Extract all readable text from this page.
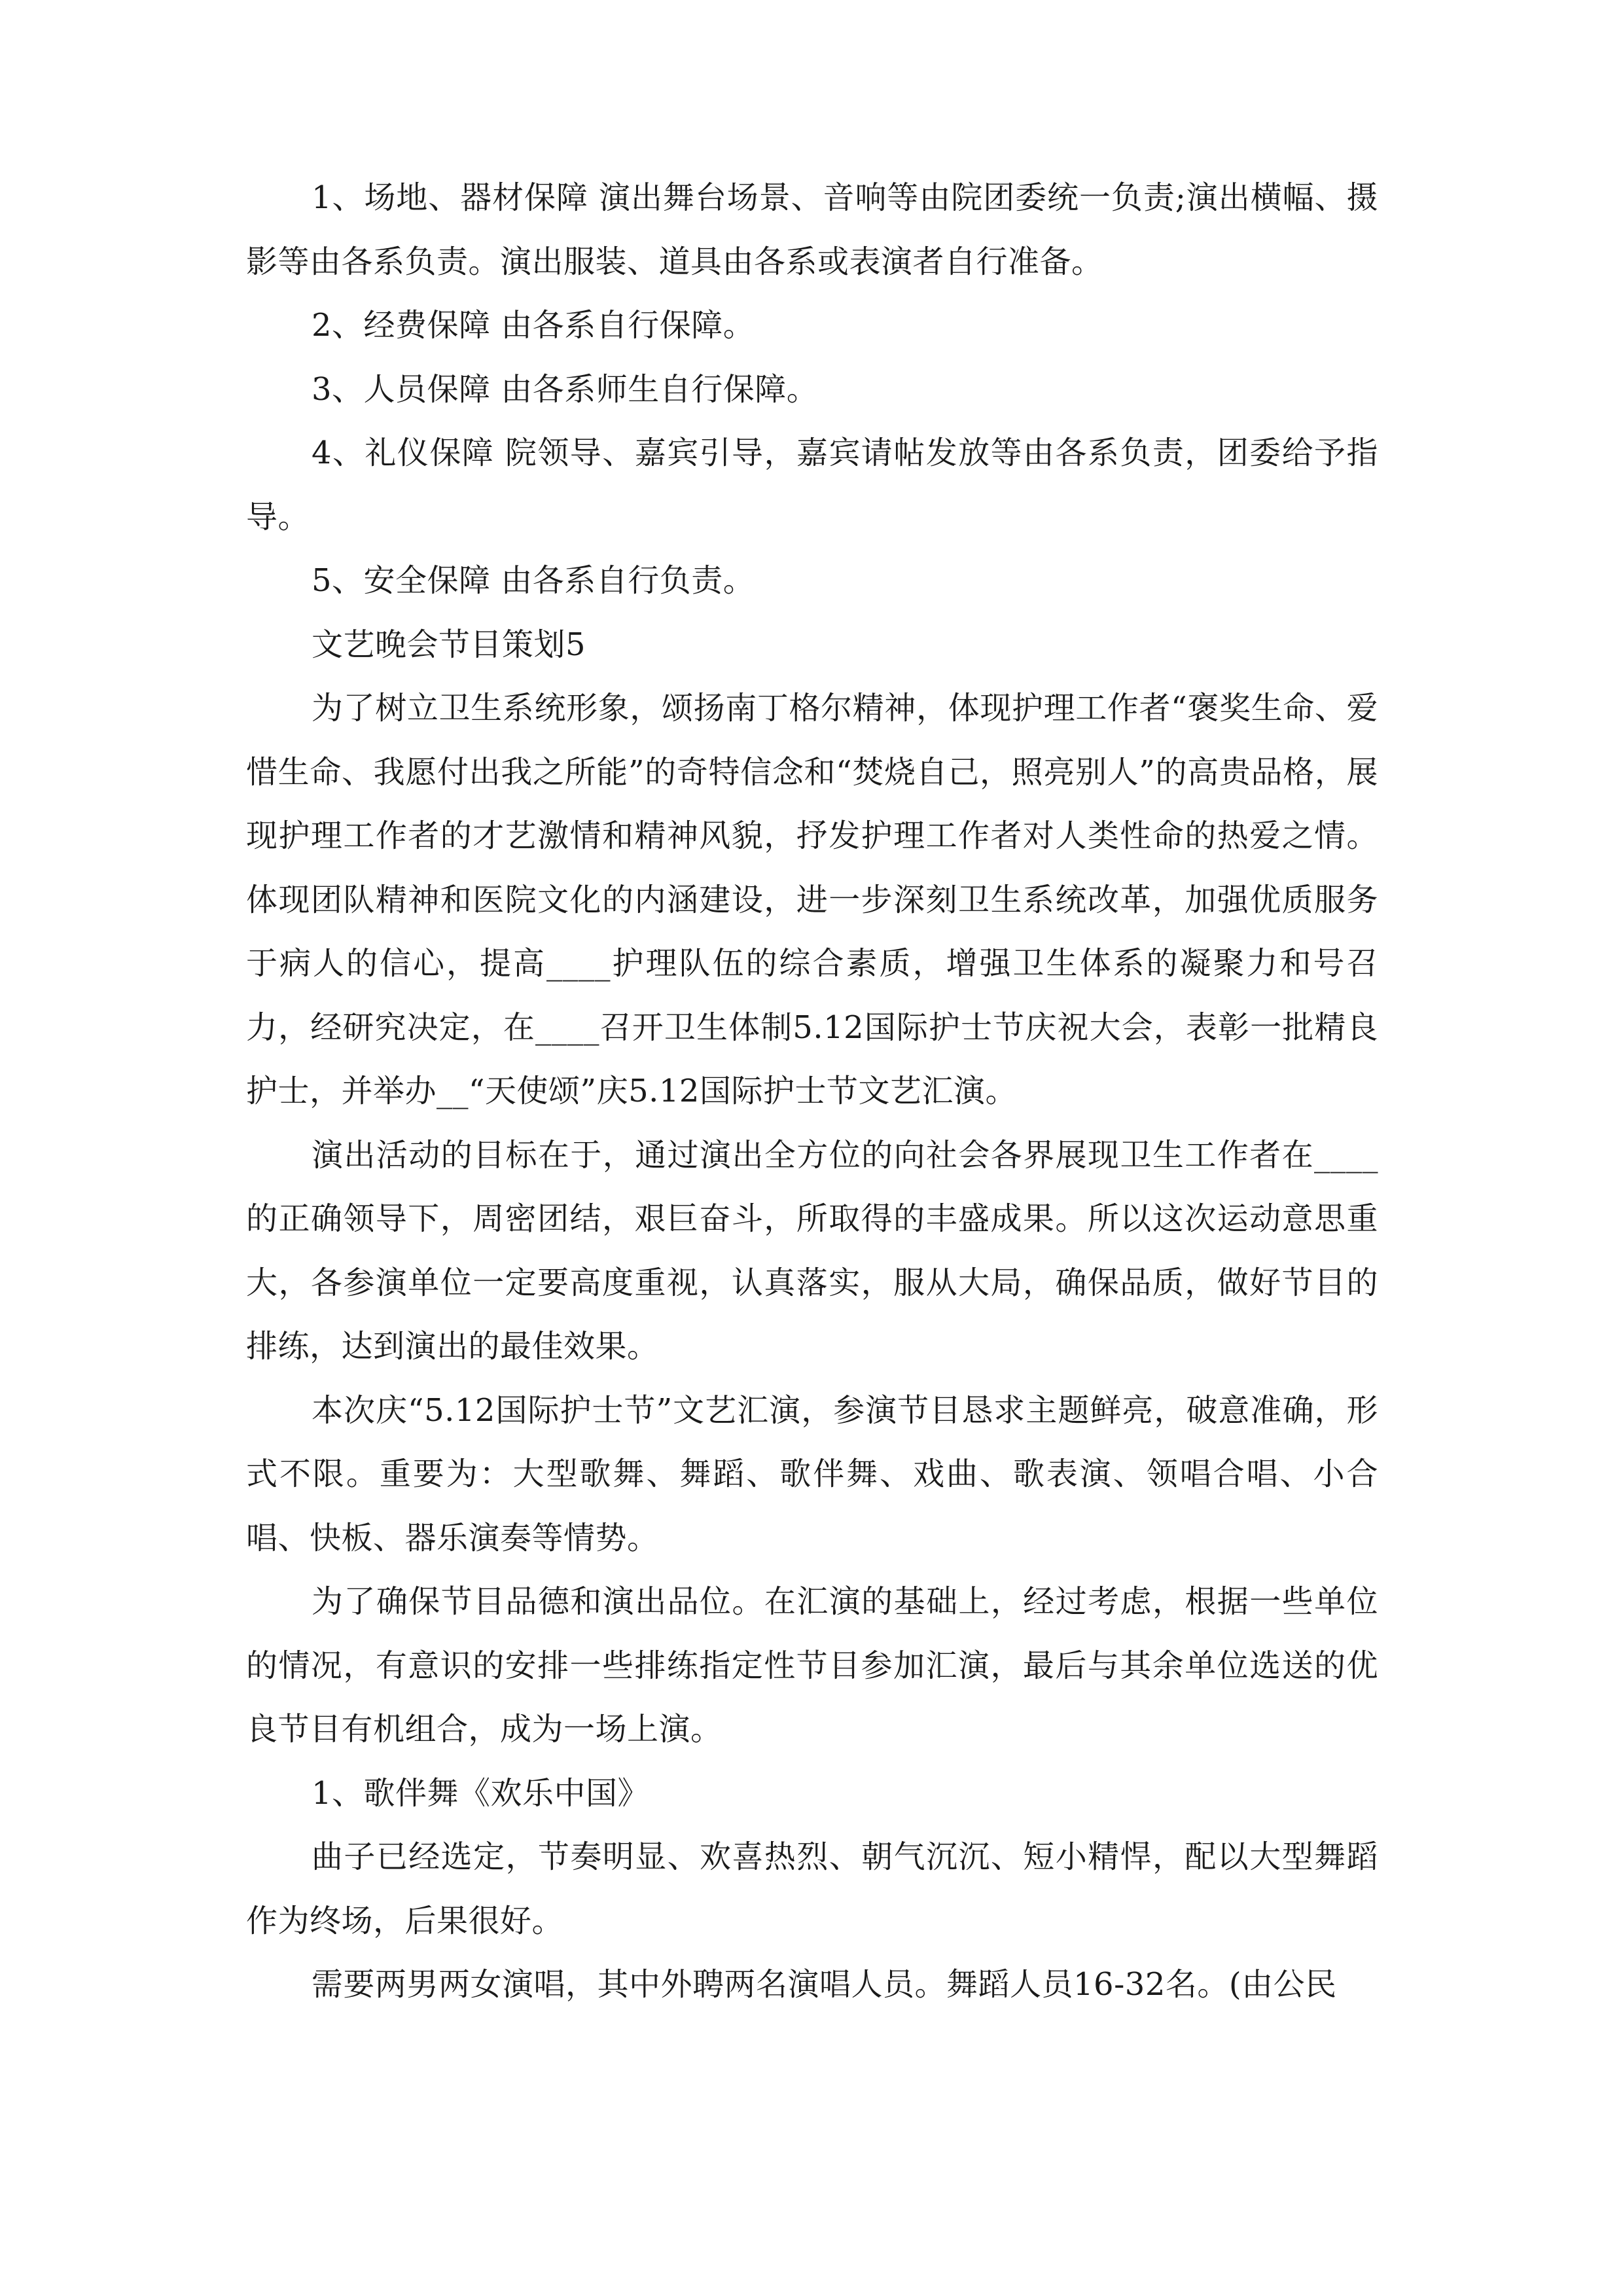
1、场地、器材保障 演出舞台场景、音响等由院团委统一负责;演出横幅、摄影等由各系负责。演出服装、道具由各系或表演者自行准备。

2、经费保障 由各系自行保障。

3、人员保障 由各系师生自行保障。

4、礼仪保障 院领导、嘉宾引导，嘉宾请帖发放等由各系负责，团委给予指导。

5、安全保障 由各系自行负责。

文艺晚会节目策划5

为了树立卫生系统形象，颂扬南丁格尔精神，体现护理工作者“褒奖生命、爱惜生命、我愿付出我之所能”的奇特信念和“焚烧自己，照亮别人”的高贵品格，展现护理工作者的才艺激情和精神风貌，抒发护理工作者对人类性命的热爱之情。体现团队精神和医院文化的内涵建设，进一步深刻卫生系统改革，加强优质服务于病人的信心，提高____护理队伍的综合素质，增强卫生体系的凝聚力和号召力，经研究决定，在____召开卫生体制5.12国际护士节庆祝大会，表彰一批精良护士，并举办__“天使颂”庆5.12国际护士节文艺汇演。

演出活动的目标在于，通过演出全方位的向社会各界展现卫生工作者在____的正确领导下，周密团结，艰巨奋斗，所取得的丰盛成果。所以这次运动意思重大，各参演单位一定要高度重视，认真落实，服从大局，确保品质，做好节目的排练，达到演出的最佳效果。

本次庆“5.12国际护士节”文艺汇演，参演节目恳求主题鲜亮，破意准确，形式不限。重要为：大型歌舞、舞蹈、歌伴舞、戏曲、歌表演、领唱合唱、小合唱、快板、器乐演奏等情势。

为了确保节目品德和演出品位。在汇演的基础上，经过考虑，根据一些单位的情况，有意识的安排一些排练指定性节目参加汇演，最后与其余单位选送的优良节目有机组合，成为一场上演。

1、歌伴舞《欢乐中国》

曲子已经选定，节奏明显、欢喜热烈、朝气沉沉、短小精悍，配以大型舞蹈作为终场，后果很好。

需要两男两女演唱，其中外聘两名演唱人员。舞蹈人员16-32名。(由公民
